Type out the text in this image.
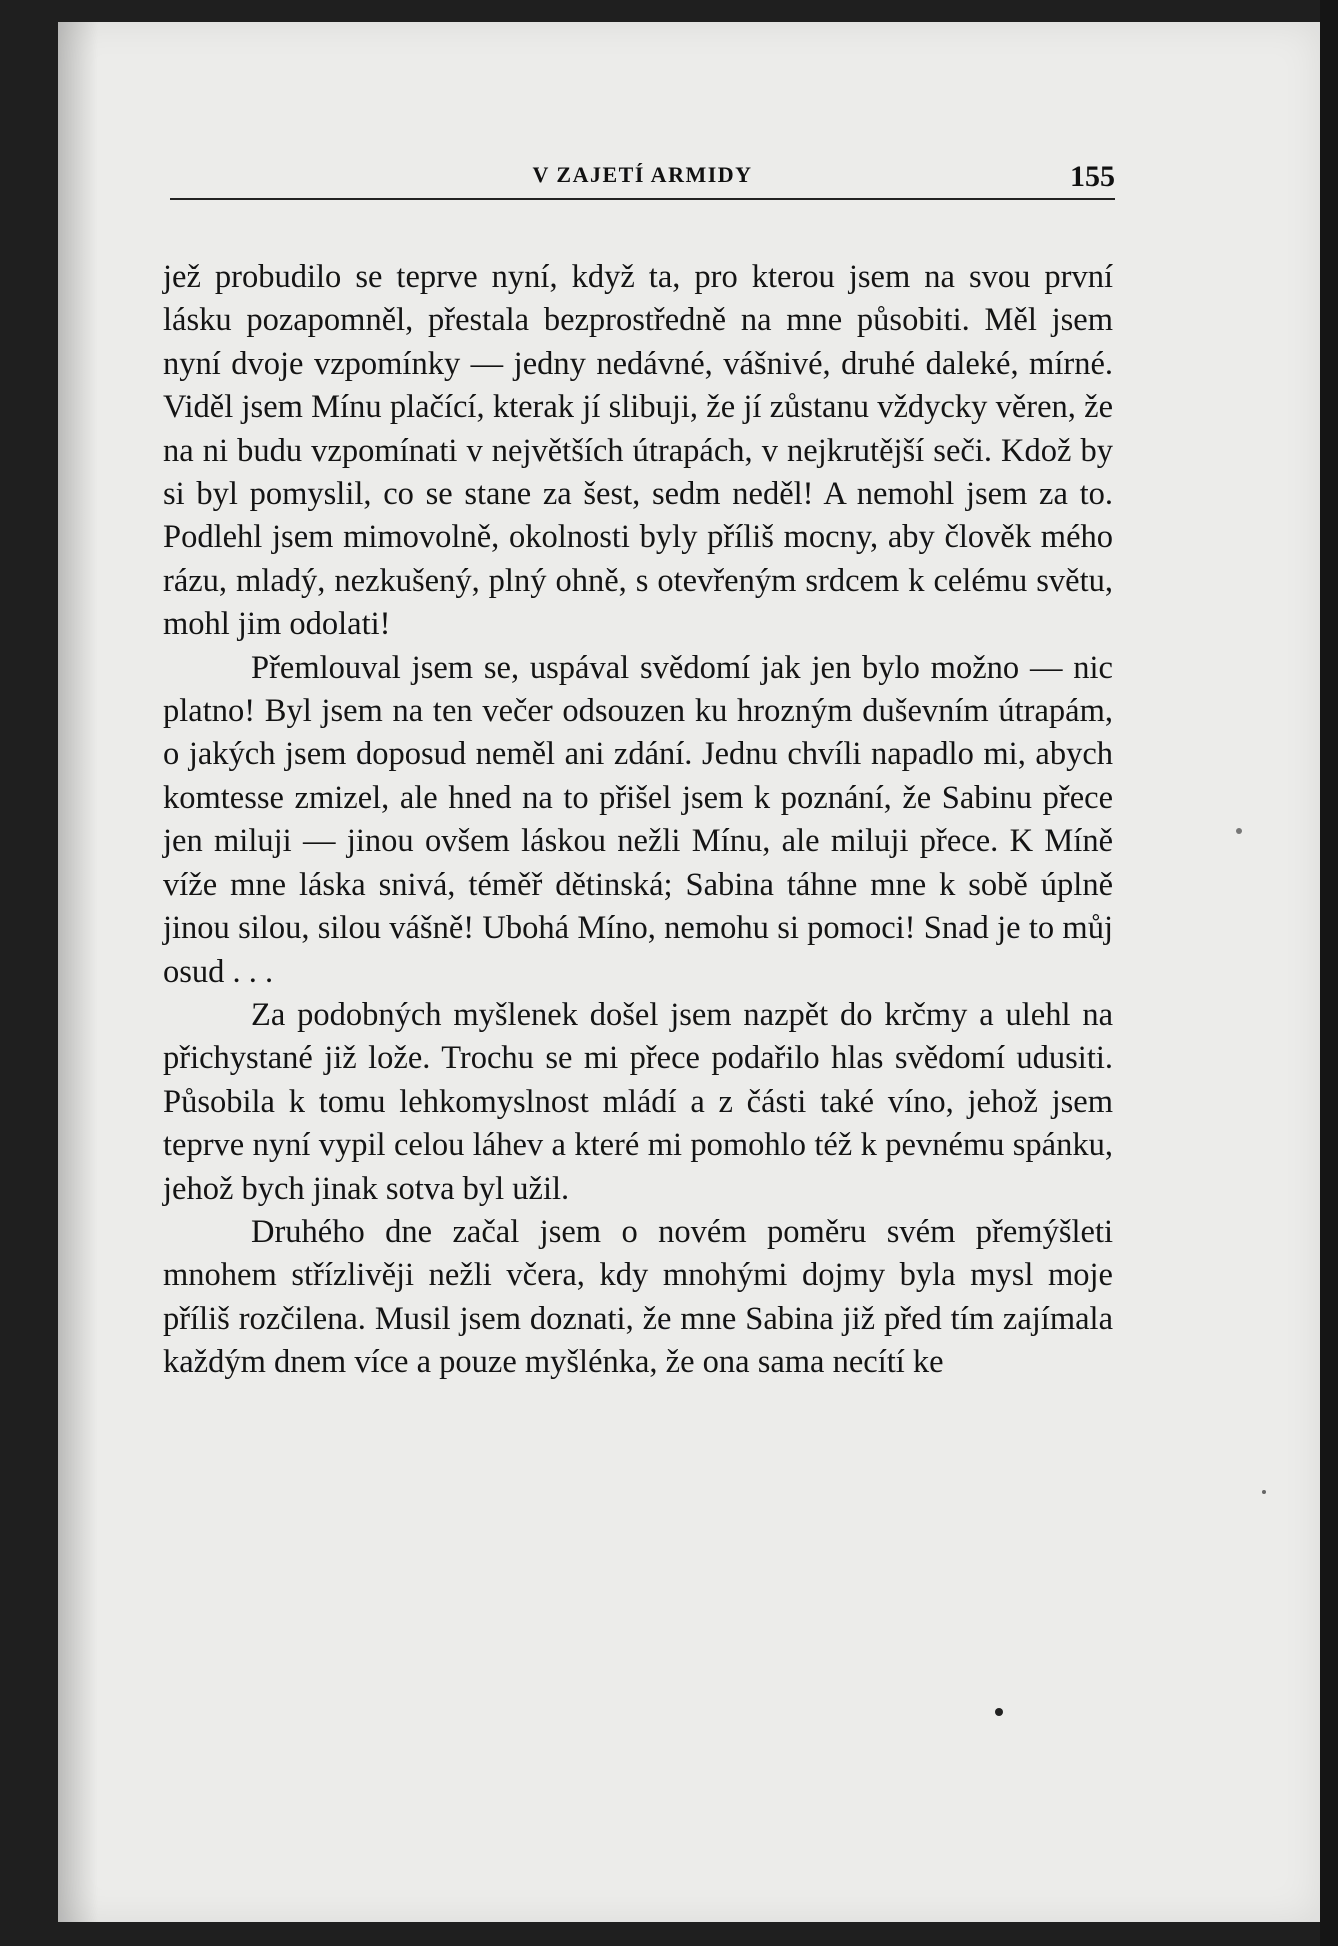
V ZAJETÍ ARMIDY	155

jež probudilo se teprve nyní, když ta, pro kterou jsem na svou první lásku pozapomněl, přestala bezprostředně na mne působiti. Měl jsem nyní dvoje vzpomínky — jedny nedávné, vášnivé, druhé daleké, mírné. Viděl jsem Mínu plačící, kterak jí slibuji, že jí zůstanu vždycky věren, že na ni budu vzpomínati v největších útrapách, v nejkrutější seči. Kdož by si byl pomyslil, co se stane za šest, sedm neděl! A nemohl jsem za to. Podlehl jsem mimovolně, okolnosti byly příliš mocny, aby člověk mého rázu, mladý, nezkušený, plný ohně, s otevřeným srdcem k celému světu, mohl jim odolati!

Přemlouval jsem se, uspával svědomí jak jen bylo možno — nic platno! Byl jsem na ten večer odsouzen ku hrozným duševním útrapám, o jakých jsem doposud neměl ani zdání. Jednu chvíli napadlo mi, abych komtesse zmizel, ale hned na to přišel jsem k poznání, že Sabinu přece jen miluji — jinou ovšem láskou nežli Mínu, ale miluji přece. K Míně víže mne láska snivá, téměř dětinská; Sabina táhne mne k sobě úplně jinou silou, silou vášně! Ubohá Míno, nemohu si pomoci! Snad je to můj osud . . .

Za podobných myšlenek došel jsem nazpět do krčmy a ulehl na přichystané již lože. Trochu se mi přece podařilo hlas svědomí udusiti. Působila k tomu lehkomyslnost mládí a z části také víno, jehož jsem teprve nyní vypil celou láhev a které mi pomohlo též k pevnému spánku, jehož bych jinak sotva byl užil.

Druhého dne začal jsem o novém poměru svém přemýšleti mnohem střízlivěji nežli včera, kdy mnohými dojmy byla mysl moje příliš rozčilena. Musil jsem doznati, že mne Sabina již před tím zajímala každým dnem více a pouze myšlénka, že ona sama necítí ke
